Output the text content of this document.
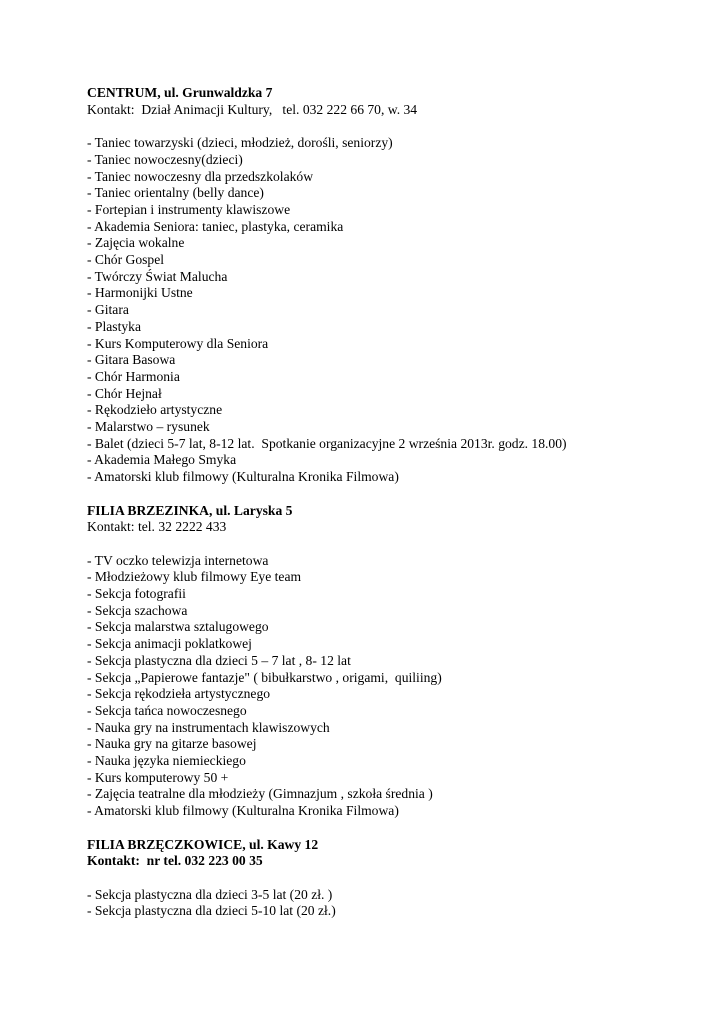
CENTRUM, ul. Grunwaldzka 7
Kontakt:  Dział Animacji Kultury,   tel. 032 222 66 70, w. 34
- Taniec towarzyski (dzieci, młodzież, dorośli, seniorzy)
- Taniec nowoczesny(dzieci)
- Taniec nowoczesny dla przedszkolaków
- Taniec orientalny (belly dance)
- Fortepian i instrumenty klawiszowe
- Akademia Seniora: taniec, plastyka, ceramika
- Zajęcia wokalne
- Chór Gospel
- Twórczy Świat Malucha
- Harmonijki Ustne
- Gitara
- Plastyka
- Kurs Komputerowy dla Seniora
- Gitara Basowa
- Chór Harmonia
- Chór Hejnał
- Rękodzieło artystyczne
- Malarstwo – rysunek
- Balet (dzieci 5-7 lat, 8-12 lat.  Spotkanie organizacyjne 2 września 2013r. godz. 18.00)
- Akademia Małego Smyka
- Amatorski klub filmowy (Kulturalna Kronika Filmowa)
FILIA BRZEZINKA, ul. Laryska 5
Kontakt: tel. 32 2222 433
- TV oczko telewizja internetowa
- Młodzieżowy klub filmowy Eye team
- Sekcja fotografii
- Sekcja szachowa
- Sekcja malarstwa sztalugowego
- Sekcja animacji poklatkowej
- Sekcja plastyczna dla dzieci 5 – 7 lat , 8- 12 lat
- Sekcja „Papierowe fantazje" ( bibułkarstwo , origami,  quiliing)
- Sekcja rękodzieła artystycznego
- Sekcja tańca nowoczesnego
- Nauka gry na instrumentach klawiszowych
- Nauka gry na gitarze basowej
- Nauka języka niemieckiego
- Kurs komputerowy 50 +
- Zajęcia teatralne dla młodzieży (Gimnazjum , szkoła średnia )
- Amatorski klub filmowy (Kulturalna Kronika Filmowa)
FILIA BRZĘCZKOWICE, ul. Kawy 12
Kontakt:  nr tel. 032 223 00 35
- Sekcja plastyczna dla dzieci 3-5 lat (20 zł. )
- Sekcja plastyczna dla dzieci 5-10 lat (20 zł.)
